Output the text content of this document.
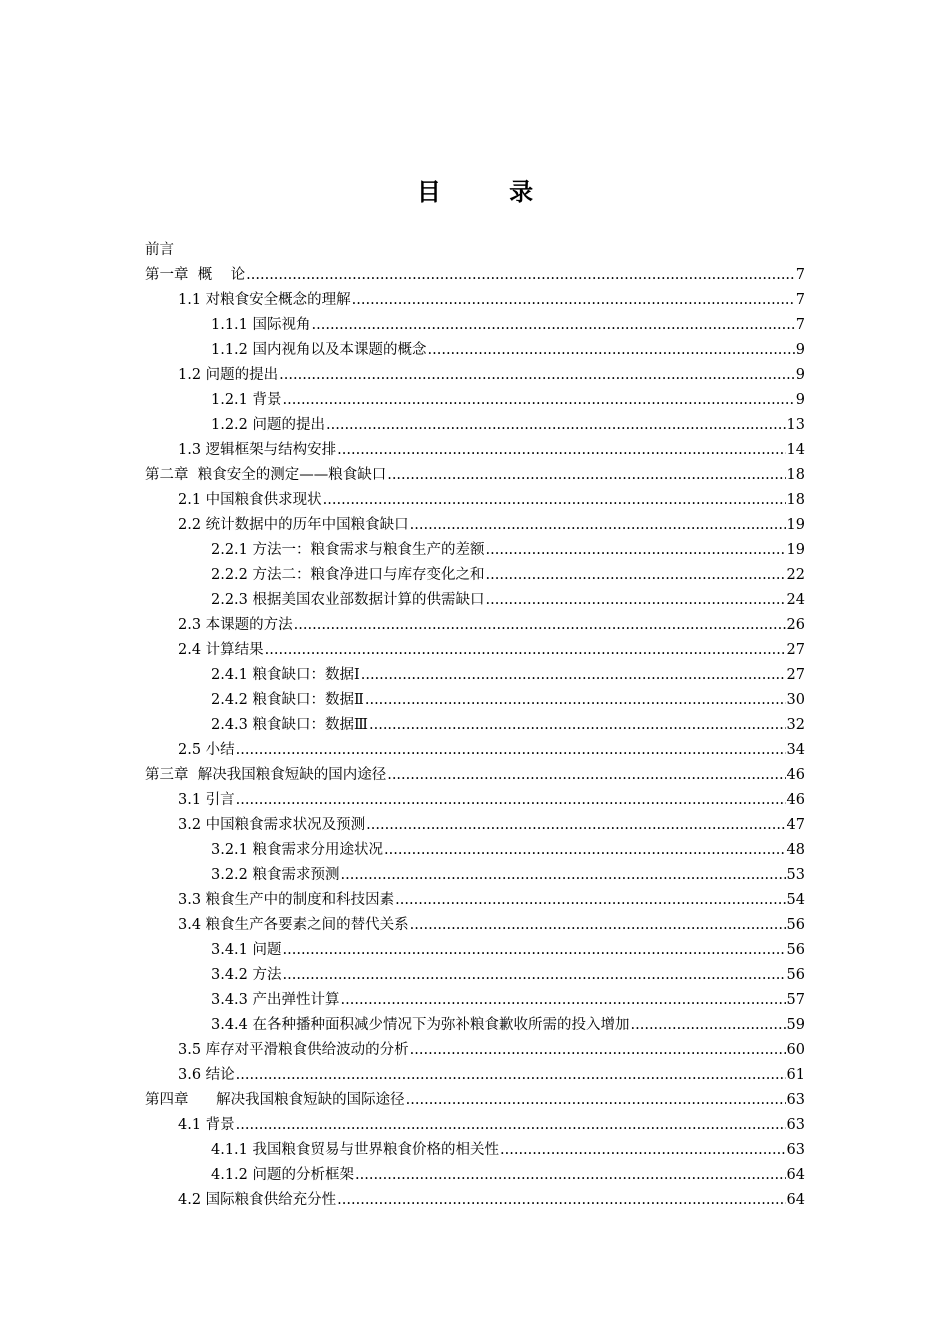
目 录
前言
第一章  概    论 .....	7
1.1 对粮食安全概念的理解 .....	7
1.1.1 国际视角 .....	7
1.1.2 国内视角以及本课题的概念 .....	9
1.2 问题的提出 .....	9
1.2.1 背景 .....	9
1.2.2 问题的提出 .....	13
1.3 逻辑框架与结构安排 .....	14
第二章  粮食安全的测定——粮食缺口 .....	18
2.1 中国粮食供求现状 .....	18
2.2 统计数据中的历年中国粮食缺口 .....	19
2.2.1 方法一：粮食需求与粮食生产的差额 .....	19
2.2.2 方法二：粮食净进口与库存变化之和 .....	22
2.2.3 根据美国农业部数据计算的供需缺口 .....	24
2.3 本课题的方法 .....	26
2.4 计算结果 .....	27
2.4.1 粮食缺口：数据Ⅰ .....	27
2.4.2 粮食缺口：数据Ⅱ .....	30
2.4.3 粮食缺口：数据Ⅲ .....	32
2.5 小结 .....	34
第三章  解决我国粮食短缺的国内途径 .....	46
3.1 引言 .....	46
3.2 中国粮食需求状况及预测 .....	47
3.2.1 粮食需求分用途状况 .....	48
3.2.2 粮食需求预测 .....	53
3.3 粮食生产中的制度和科技因素 .....	54
3.4 粮食生产各要素之间的替代关系 .....	56
3.4.1 问题 .....	56
3.4.2 方法 .....	56
3.4.3 产出弹性计算 .....	57
3.4.4 在各种播种面积减少情况下为弥补粮食歉收所需的投入增加 .....	59
3.5 库存对平滑粮食供给波动的分析 .....	60
3.6 结论 .....	61
第四章      解决我国粮食短缺的国际途径 .....	63
4.1 背景 .....	63
4.1.1 我国粮食贸易与世界粮食价格的相关性 .....	63
4.1.2 问题的分析框架 .....	64
4.2 国际粮食供给充分性 .....	64
